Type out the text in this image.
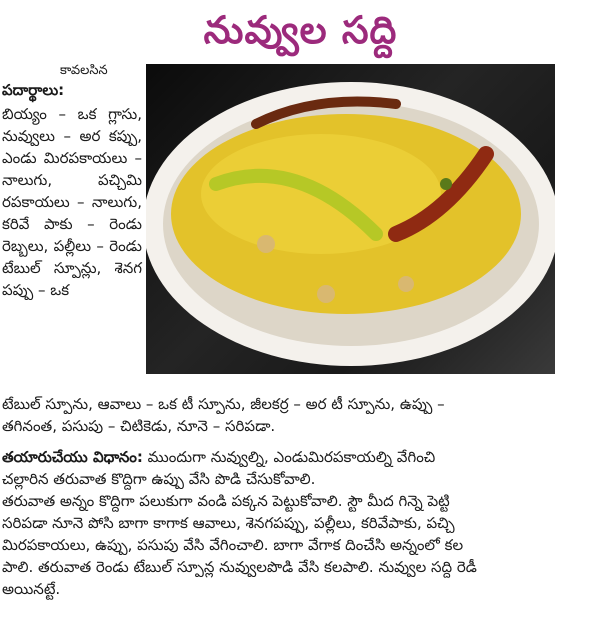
నువ్వుల సద్ది
కావలసిన
పదార్థాలు:
బియ్యం – ఒక గ్లాసు, నువ్వులు – అర కప్పు, ఎండు మిరపకాయలు – నాలుగు, పచ్చిమి రపకాయలు – నాలుగు, కరివే పాకు – రెండు రెబ్బలు, పల్లీలు – రెండు టేబుల్ స్పూన్లు, శెనగ పప్పు – ఒక
టేబుల్ స్పూను, ఆవాలు – ఒక టీ స్పూను, జీలకర్ర – అర టీ స్పూను, ఉప్పు –
తగినంత, పసుపు – చిటికెడు, నూనె – సరిపడా.
తయారుచేయు విధానం: ముందుగా నువ్వుల్ని, ఎండుమిరపకాయల్ని వేగించి
చల్లారిన తరువాత కొద్దిగా ఉప్పు వేసి పొడి చేసుకోవాలి.
తరువాత అన్నం కొద్దిగా పలుకుగా వండి పక్కన పెట్టుకోవాలి. స్టౌ మీద గిన్నె పెట్టి
సరిపడా నూనె పోసి బాగా కాగాక ఆవాలు, శెనగపప్పు, పల్లీలు, కరివేపాకు, పచ్చి
మిరపకాయలు, ఉప్పు, పసుపు వేసి వేగించాలి. బాగా వేగాక దించేసి అన్నంలో కల
పాలి. తరువాత రెండు టేబుల్ స్పూన్ల నువ్వులపొడి వేసి కలపాలి. నువ్వుల సద్ది రెడీ
అయినట్టే.
